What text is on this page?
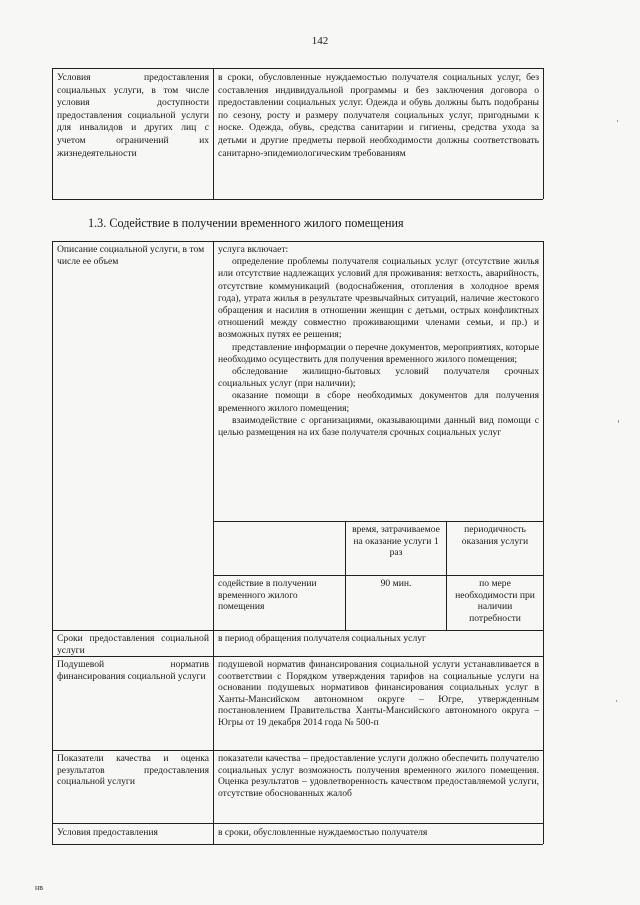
142
Условия предоставления социальных услуги, в том числе условия доступности предоставления социальной услуги для инвалидов и других лиц с учетом ограничений их жизнедеятельности
в сроки, обусловленные нуждаемостью получателя социальных услуг, без составления индивидуальной программы и без заключения договора о предоставлении социальных услуг. Одежда и обувь должны быть подобраны по сезону, росту и размеру получателя социальных услуг, пригодными к носке. Одежда, обувь, средства санитарии и гигиены, средства ухода за детьми и другие предметы первой необходимости должны соответствовать санитарно-эпидемиологическим требованиям
1.3. Содействие в получении временного жилого помещения
Описание социальной услуги, в том числе ее объем

услуга включает:

определение проблемы получателя социальных услуг (отсутствие жилья или отсутствие надлежащих условий для проживания: ветхость, аварийность, отсутствие коммуникаций (водоснабжения, отопления в холодное время года), утрата жилья в результате чрезвычайных ситуаций, наличие жестокого обращения и насилия в отношении женщин с детьми, острых конфликтных отношений между совместно проживающими членами семьи, и пр.) и возможных путях ее решения;

представление информации о перечне документов, мероприятиях, которые необходимо осуществить для получения временного жилого помещения;

обследование жилищно-бытовых условий получателя срочных социальных услуг (при наличии);

оказание помощи в сборе необходимых документов для получения временного жилого помещения;

взаимодействие с организациями, оказывающими данный вид помощи с целью размещения на их базе получателя срочных социальных услуг

время, затрачиваемое на оказание услуги 1 раз
периодичность оказания услуги
содействие в получении временного жилого помещения
90 мин.	по мере необходимости при наличии потребности
Сроки предоставления социальной услуги
в период обращения получателя социальных услуг
Подушевой норматив финансирования социальной услуги
подушевой норматив финансирования социальной услуги устанавливается в соответствии с Порядком утверждения тарифов на социальные услуги на основании подушевых нормативов финансирования социальных услуг в Ханты-Мансийском автономном округе – Югре, утвержденным постановлением Правительства Ханты-Мансийского автономного округа – Югры от 19 декабря 2014 года № 500-п
Показатели качества и оценка результатов предоставления социальной услуги
показатели качества – предоставление услуги должно обеспечить получателю социальных услуг возможность получения временного жилого помещения. Оценка результатов – удовлетворенность качеством предоставляемой услуги, отсутствие обоснованных жалоб
Условия предоставления	в сроки, обусловленные нуждаемостью получателя
нв
